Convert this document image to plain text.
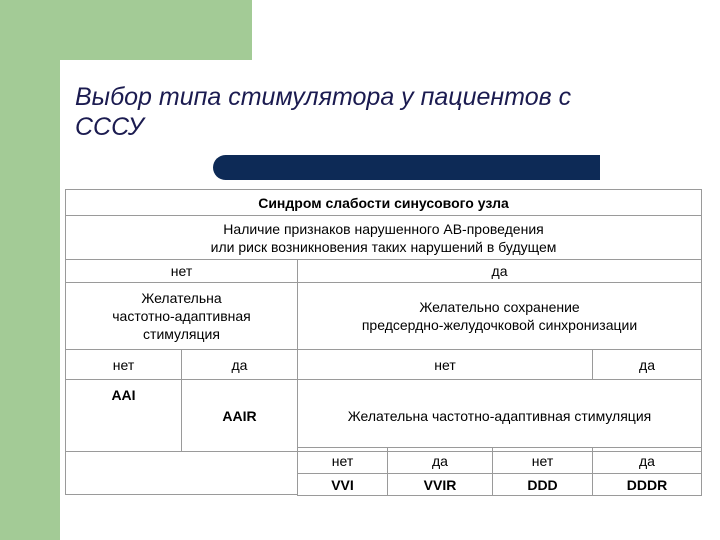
Выбор типа стимулятора у пациентов с
СССУ
Синдром слабости синусового узла			

Наличие признаков нарушенного АВ-проведения
или риск возникновения таких нарушений в будущем			

нет		да	

Желательна
частотно-адаптивная
стимуляция		Желательно сохранение
предсердно-желудочковой синхронизации	

нет	да	нет	да
AAI	AAIR	Желательна частотно-адаптивная стимуляция	
нет	да	нет	да
VVI	VVIR	DDD	DDDR
